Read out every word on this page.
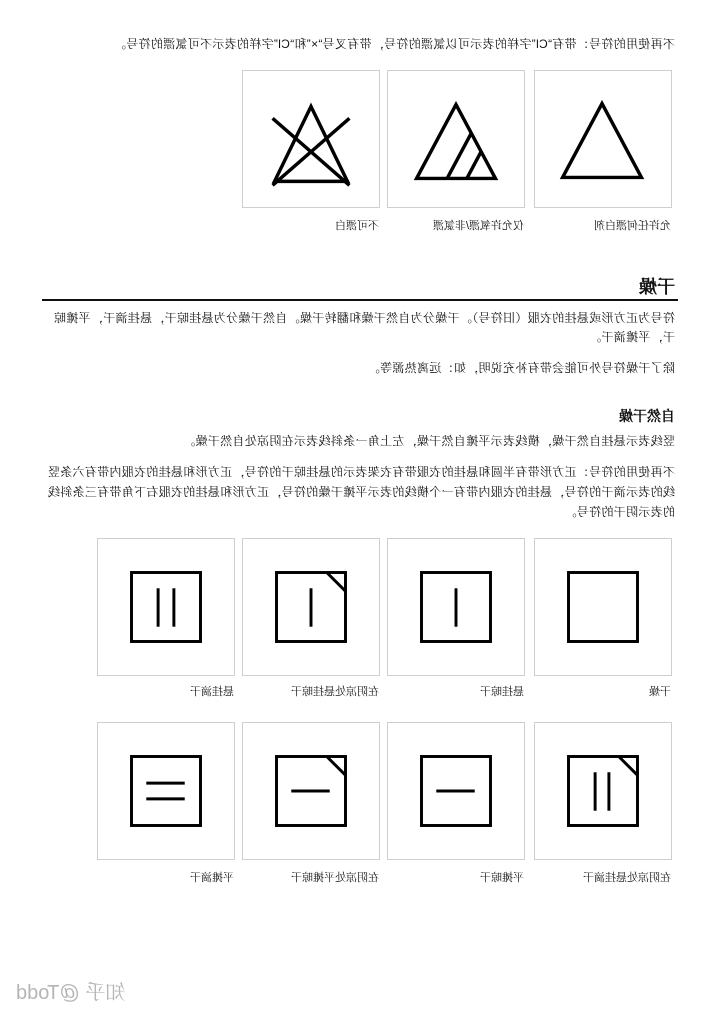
不再使用的符号：带有“Cl”字样的表示可以氯漂的符号，带有叉号“×”和“Cl”字样的表示不可氯漂的符号。

允许任何漂白剂
仅允许氧漂/非氯漂
不可漂白
干燥

符号为正方形或悬挂的衣服（旧符号）。干燥分为自然干燥和翻转干燥。自然干燥分为悬挂晾干，悬挂滴干，平摊晾干，平摊滴干。

除了干燥符号外可能会带有补充说明，如：远离热源等。

自然干燥

竖线表示悬挂自然干燥，横线表示平摊自然干燥，左上角一条斜线表示在阴凉处自然干燥。

不再使用的符号：正方形带有半圆和悬挂的衣服带有衣架表示的悬挂晾干的符号，正方形和悬挂的衣服内带有六条竖线的表示滴干的符号，悬挂的衣服内带有一个横线的表示平摊干燥的符号，正方形和悬挂的衣服右下角带有三条斜线的表示阴干的符号。

干燥
悬挂晾干
在阴凉处悬挂晾干
悬挂滴干
在阴凉处悬挂滴干
平摊晾干
在阴凉处平摊晾干
平摊滴干
知乎 @Todd
